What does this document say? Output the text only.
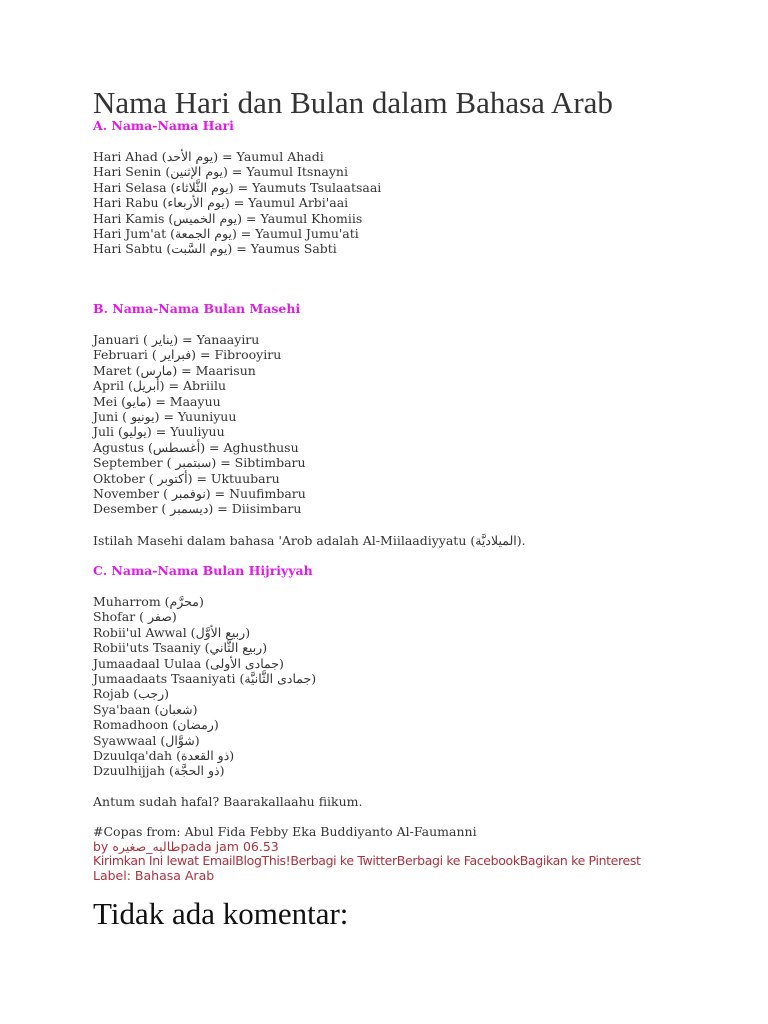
Nama Hari dan Bulan dalam Bahasa Arab
A. Nama-Nama Hari
Hari Ahad (يوم الأحد) = Yaumul Ahadi
Hari Senin (يوم الإثنين) = Yaumul Itsnayni
Hari Selasa (يوم الثَّلاثاء) = Yaumuts Tsulaatsaai
Hari Rabu (يوم الأربعاء) = Yaumul Arbi'aai
Hari Kamis (يوم الخميس) = Yaumul Khomiis
Hari Jum'at (يوم الجمعة) = Yaumul Jumu'ati
Hari Sabtu (يوم السَّبت) = Yaumus Sabti
B. Nama-Nama Bulan Masehi
Januari ( يناير) = Yanaayiru
Februari ( فبراير) = Fibrooyiru
Maret (مارس) = Maarisun
April (أبريل) = Abriilu
Mei (مايو) = Maayuu
Juni ( يونيو) = Yuuniyuu
Juli (يوليو) = Yuuliyuu
Agustus (أغسطس) = Aghusthusu
September ( سبتمبر) = Sibtimbaru
Oktober ( أكتوبر) = Uktuubaru
November ( نوفمبر) = Nuufimbaru
Desember ( ديسمبر) = Diisimbaru

Istilah Masehi dalam bahasa 'Arob adalah Al-Miilaadiyyatu (الميلاديَّة).

C. Nama-Nama Bulan Hijriyyah
Muharrom (محرَّم)
Shofar ( صفر)
Robii'ul Awwal (ربيع الأوَّل)
Robii'uts Tsaaniy (ربيع الثَّاني)
Jumaadaal Uulaa (جمادى الأولى)
Jumaadaats Tsaaniyati (جمادى الثَّانيَّة)
Rojab (رجب)
Sya'baan (شعبان)
Romadhoon (رمضان)
Syawwaal (شوَّال)
Dzuulqa'dah (ذو القعدة)
Dzuulhijjah (ذو الحجَّة)

Antum sudah hafal? Baarakallaahu fiikum.

#Copas from: Abul Fida Febby Eka Buddiyanto Al-Faumanni

by طالبه_صغيرهpada jam 06.53

Kirimkan Ini lewat EmailBlogThis!Berbagi ke TwitterBerbagi ke FacebookBagikan ke Pinterest

Label: Bahasa Arab

Tidak ada komentar:
